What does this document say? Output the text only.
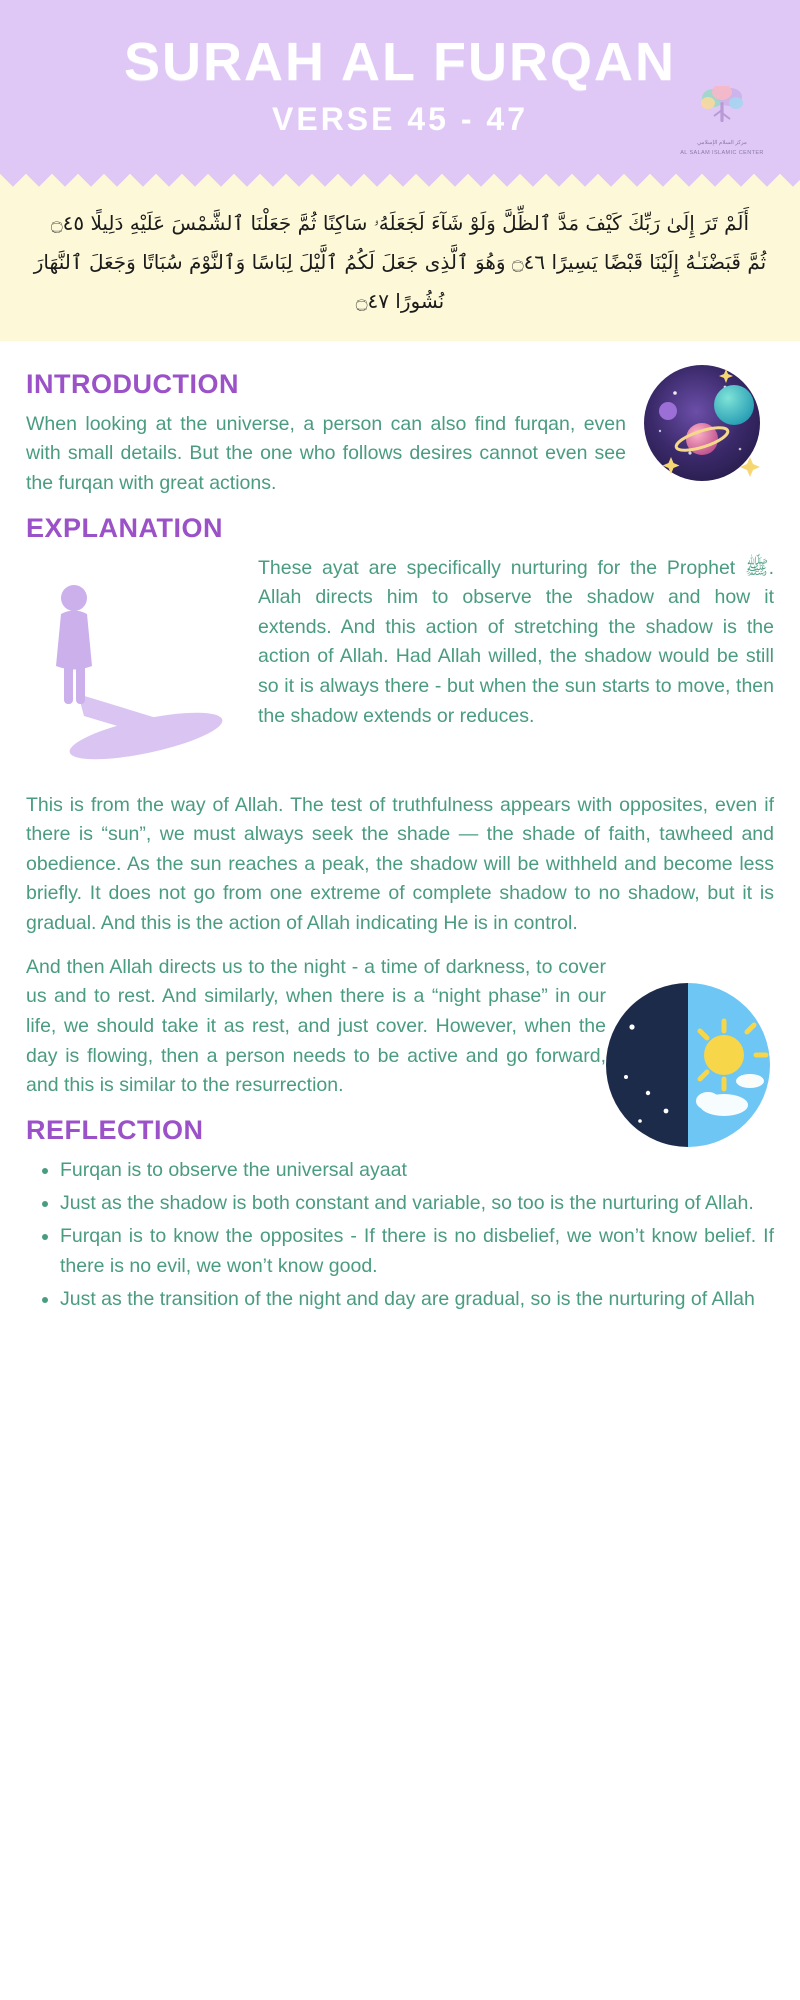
SURAH AL FURQAN
VERSE 45 - 47
مركز السلام الإسلامي
AL SALAM ISLAMIC CENTER
أَلَمْ تَرَ إِلَىٰ رَبِّكَ كَيْفَ مَدَّ ٱلظِّلَّ وَلَوْ شَآءَ لَجَعَلَهُۥ سَاكِنًا ثُمَّ جَعَلْنَا ٱلشَّمْسَ عَلَيْهِ دَلِيلًا ۝٤٥
ثُمَّ قَبَضْنَـٰهُ إِلَيْنَا قَبْضًا يَسِيرًا ۝٤٦ وَهُوَ ٱلَّذِى جَعَلَ لَكُمُ ٱلَّيْلَ لِبَاسًا وَٱلنَّوْمَ سُبَاتًا وَجَعَلَ ٱلنَّهَارَ
نُشُورًا ۝٤٧
INTRODUCTION

When looking at the universe, a person can also find furqan, even with small details. But the one who follows desires cannot even see the furqan with great actions.

EXPLANATION

These ayat are specifically nurturing for the Prophet ﷺ. Allah directs him to observe the shadow and how it extends. And this action of stretching the shadow is the action of Allah. Had Allah willed, the shadow would be still so it is always there - but when the sun starts to move, then the shadow extends or reduces.

This is from the way of Allah. The test of truthfulness appears with opposites, even if there is “sun”, we must always seek the shade — the shade of faith, tawheed and obedience. As the sun reaches a peak, the shadow will be withheld and become less briefly. It does not go from one extreme of complete shadow to no shadow, but it is gradual. And this is the action of Allah indicating He is in control.

And then Allah directs us to the night - a time of darkness, to cover us and to rest. And similarly, when there is a “night phase” in our life, we should take it as rest, and just cover. However, when the day is flowing, then a person needs to be active and go forward, and this is similar to the resurrection.

REFLECTION
• Furqan is to observe the universal ayaat
• Just as the shadow is both constant and variable, so too is the nurturing of Allah.
• Furqan is to know the opposites - If there is no disbelief, we won’t know belief. If there is no evil, we won’t know good.
• Just as the transition of the night and day are gradual, so is the nurturing of Allah
